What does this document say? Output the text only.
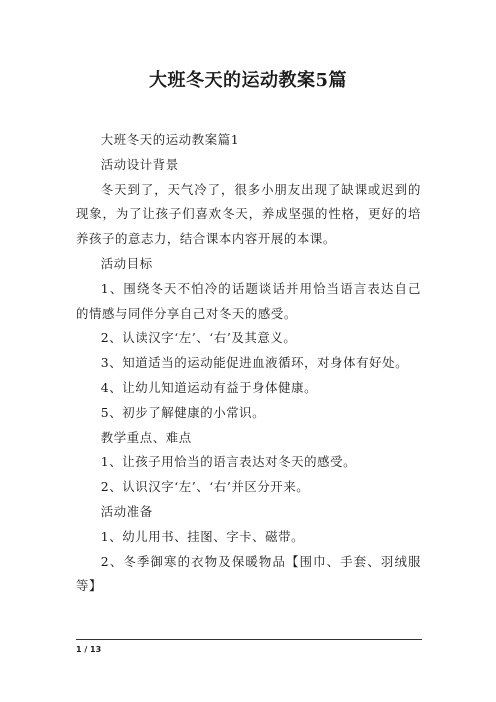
大班冬天的运动教案5篇

大班冬天的运动教案篇1

活动设计背景

冬天到了，天气冷了，很多小朋友出现了缺课或迟到的现象，为了让孩子们喜欢冬天，养成坚强的性格，更好的培养孩子的意志力，结合课本内容开展的本课。

活动目标

1、围绕冬天不怕冷的话题谈话并用恰当语言表达自己的情感与同伴分享自己对冬天的感受。

2、认读汉字‘左’、‘右’及其意义。

3、知道适当的运动能促进血液循环，对身体有好处。

4、让幼儿知道运动有益于身体健康。

5、初步了解健康的小常识。

教学重点、难点

1、让孩子用恰当的语言表达对冬天的感受。

2、认识汉字‘左’、‘右’并区分开来。

活动准备

1、幼儿用书、挂图、字卡、磁带。

2、冬季御寒的衣物及保暖物品【围巾、手套、羽绒服等】

1 / 13
